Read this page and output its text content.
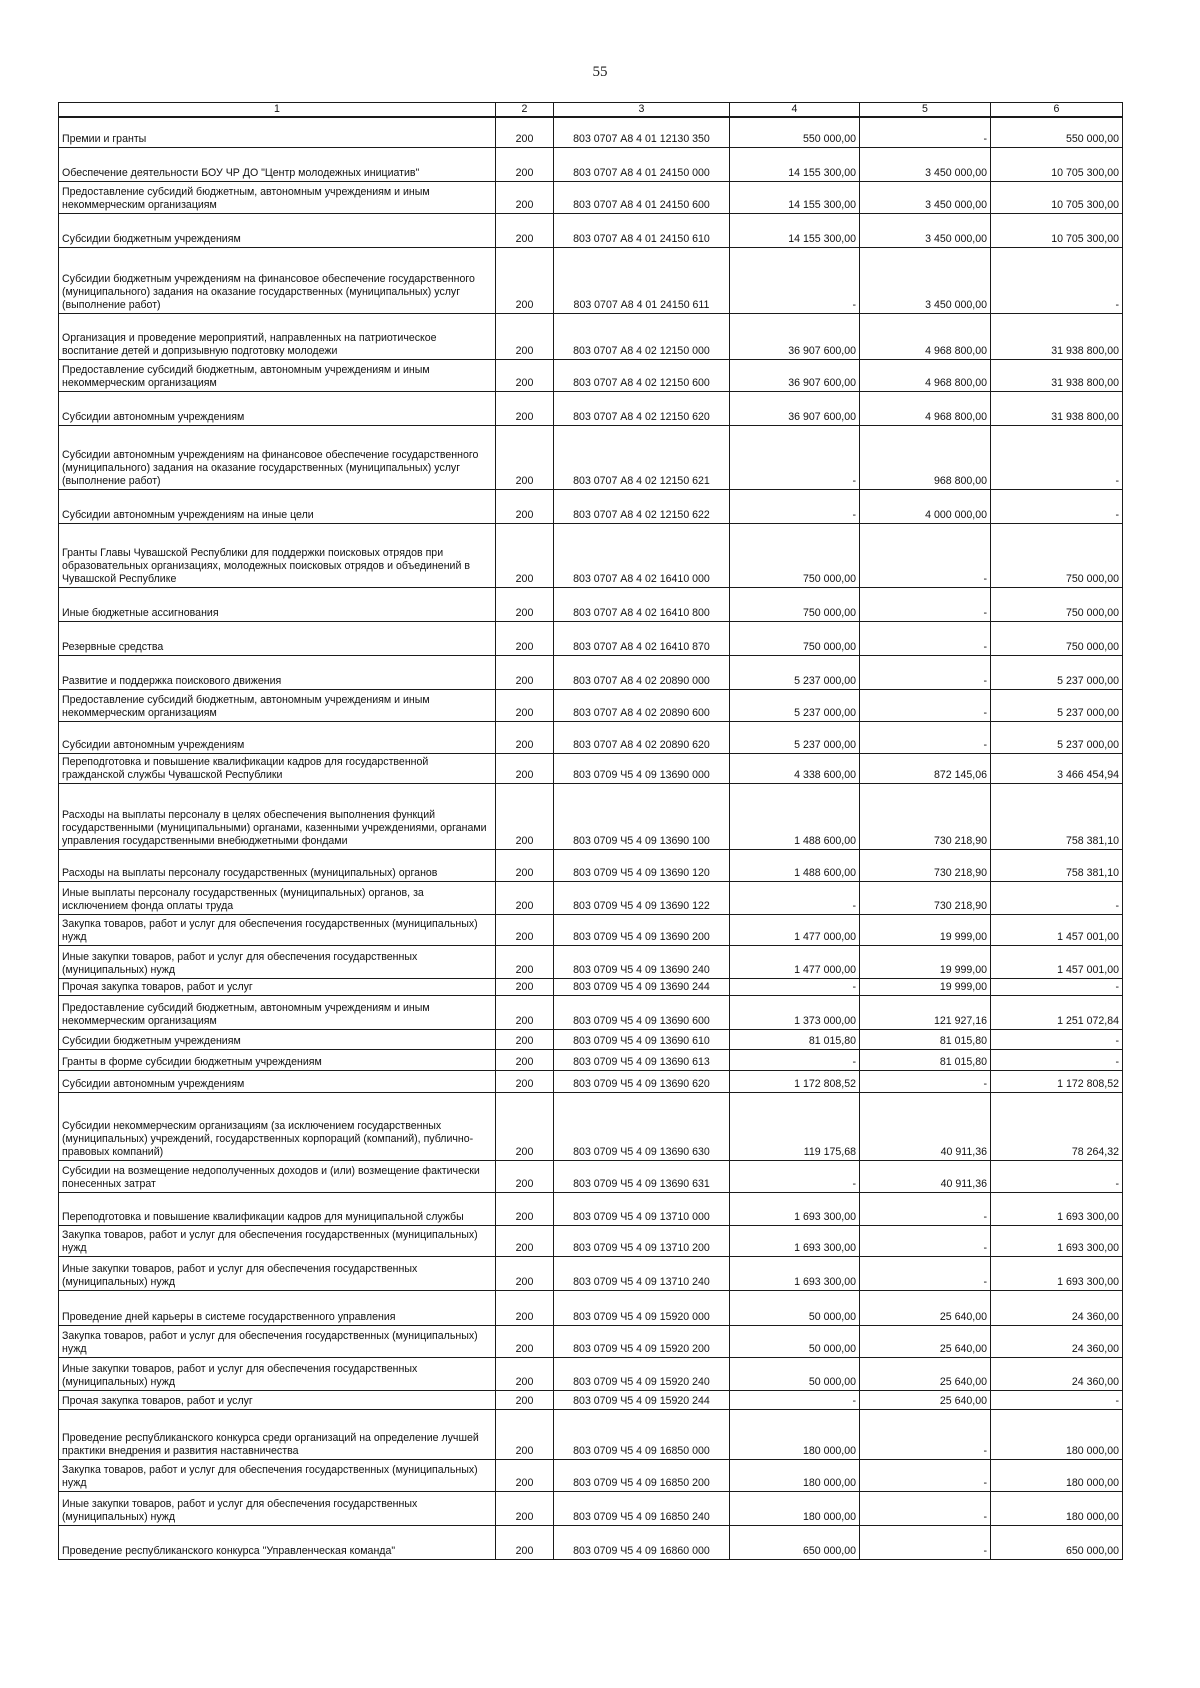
55
1	2	3	4	5	6
Премии и гранты	200	803 0707 А8 4 01 12130 350	550 000,00	-	550 000,00
Обеспечение деятельности БОУ ЧР ДО "Центр молодежных инициатив"	200	803 0707 А8 4 01 24150 000	14 155 300,00	3 450 000,00	10 705 300,00
Предоставление субсидий бюджетным, автономным учреждениям и иным некоммерческим организациям	200	803 0707 А8 4 01 24150 600	14 155 300,00	3 450 000,00	10 705 300,00
Субсидии бюджетным учреждениям	200	803 0707 А8 4 01 24150 610	14 155 300,00	3 450 000,00	10 705 300,00
Субсидии бюджетным учреждениям на финансовое обеспечение государственного (муниципального) задания на оказание государственных (муниципальных) услуг (выполнение работ)	200	803 0707 А8 4 01 24150 611	-	3 450 000,00	-
Организация и проведение мероприятий, направленных на патриотическое воспитание детей и допризывную подготовку молодежи	200	803 0707 А8 4 02 12150 000	36 907 600,00	4 968 800,00	31 938 800,00
Предоставление субсидий бюджетным, автономным учреждениям и иным некоммерческим организациям	200	803 0707 А8 4 02 12150 600	36 907 600,00	4 968 800,00	31 938 800,00
Субсидии автономным учреждениям	200	803 0707 А8 4 02 12150 620	36 907 600,00	4 968 800,00	31 938 800,00
Субсидии автономным учреждениям на финансовое обеспечение государственного (муниципального) задания на оказание государственных (муниципальных) услуг (выполнение работ)	200	803 0707 А8 4 02 12150 621	-	968 800,00	-
Субсидии автономным учреждениям на иные цели	200	803 0707 А8 4 02 12150 622	-	4 000 000,00	-
Гранты Главы Чувашской Республики для поддержки поисковых отрядов при образовательных организациях, молодежных поисковых отрядов и объединений в Чувашской Республике	200	803 0707 А8 4 02 16410 000	750 000,00	-	750 000,00
Иные бюджетные ассигнования	200	803 0707 А8 4 02 16410 800	750 000,00	-	750 000,00
Резервные средства	200	803 0707 А8 4 02 16410 870	750 000,00	-	750 000,00
Развитие и поддержка поискового движения	200	803 0707 А8 4 02 20890 000	5 237 000,00	-	5 237 000,00
Предоставление субсидий бюджетным, автономным учреждениям и иным некоммерческим организациям	200	803 0707 А8 4 02 20890 600	5 237 000,00	-	5 237 000,00
Субсидии автономным учреждениям	200	803 0707 А8 4 02 20890 620	5 237 000,00	-	5 237 000,00
Переподготовка и повышение квалификации кадров для государственной гражданской службы Чувашской Республики	200	803 0709 Ч5 4 09 13690 000	4 338 600,00	872 145,06	3 466 454,94
Расходы на выплаты персоналу в целях обеспечения выполнения функций государственными (муниципальными) органами, казенными учреждениями, органами управления государственными внебюджетными фондами	200	803 0709 Ч5 4 09 13690 100	1 488 600,00	730 218,90	758 381,10
Расходы на выплаты персоналу государственных (муниципальных) органов	200	803 0709 Ч5 4 09 13690 120	1 488 600,00	730 218,90	758 381,10
Иные выплаты персоналу государственных (муниципальных) органов, за исключением фонда оплаты труда	200	803 0709 Ч5 4 09 13690 122	-	730 218,90	-
Закупка товаров, работ и услуг для обеспечения государственных (муниципальных) нужд	200	803 0709 Ч5 4 09 13690 200	1 477 000,00	19 999,00	1 457 001,00
Иные закупки товаров, работ и услуг для обеспечения государственных (муниципальных) нужд	200	803 0709 Ч5 4 09 13690 240	1 477 000,00	19 999,00	1 457 001,00
Прочая закупка товаров, работ и услуг	200	803 0709 Ч5 4 09 13690 244	-	19 999,00	-
Предоставление субсидий бюджетным, автономным учреждениям и иным некоммерческим организациям	200	803 0709 Ч5 4 09 13690 600	1 373 000,00	121 927,16	1 251 072,84
Субсидии бюджетным учреждениям	200	803 0709 Ч5 4 09 13690 610	81 015,80	81 015,80	-
Гранты в форме субсидии бюджетным учреждениям	200	803 0709 Ч5 4 09 13690 613	-	81 015,80	-
Субсидии автономным учреждениям	200	803 0709 Ч5 4 09 13690 620	1 172 808,52	-	1 172 808,52
Субсидии некоммерческим организациям (за исключением государственных (муниципальных) учреждений, государственных корпораций (компаний), публично-правовых компаний)	200	803 0709 Ч5 4 09 13690 630	119 175,68	40 911,36	78 264,32
Субсидии на возмещение недополученных доходов и (или) возмещение фактически понесенных затрат	200	803 0709 Ч5 4 09 13690 631	-	40 911,36	-
Переподготовка и повышение квалификации кадров для муниципальной службы	200	803 0709 Ч5 4 09 13710 000	1 693 300,00	-	1 693 300,00
Закупка товаров, работ и услуг для обеспечения государственных (муниципальных) нужд	200	803 0709 Ч5 4 09 13710 200	1 693 300,00	-	1 693 300,00
Иные закупки товаров, работ и услуг для обеспечения государственных (муниципальных) нужд	200	803 0709 Ч5 4 09 13710 240	1 693 300,00	-	1 693 300,00
Проведение дней карьеры в системе государственного управления	200	803 0709 Ч5 4 09 15920 000	50 000,00	25 640,00	24 360,00
Закупка товаров, работ и услуг для обеспечения государственных (муниципальных) нужд	200	803 0709 Ч5 4 09 15920 200	50 000,00	25 640,00	24 360,00
Иные закупки товаров, работ и услуг для обеспечения государственных (муниципальных) нужд	200	803 0709 Ч5 4 09 15920 240	50 000,00	25 640,00	24 360,00
Прочая закупка товаров, работ и услуг	200	803 0709 Ч5 4 09 15920 244	-	25 640,00	-
Проведение республиканского конкурса среди организаций на определение лучшей практики внедрения и развития наставничества	200	803 0709 Ч5 4 09 16850 000	180 000,00	-	180 000,00
Закупка товаров, работ и услуг для обеспечения государственных (муниципальных) нужд	200	803 0709 Ч5 4 09 16850 200	180 000,00	-	180 000,00
Иные закупки товаров, работ и услуг для обеспечения государственных (муниципальных) нужд	200	803 0709 Ч5 4 09 16850 240	180 000,00	-	180 000,00
Проведение республиканского конкурса "Управленческая команда"	200	803 0709 Ч5 4 09 16860 000	650 000,00	-	650 000,00
